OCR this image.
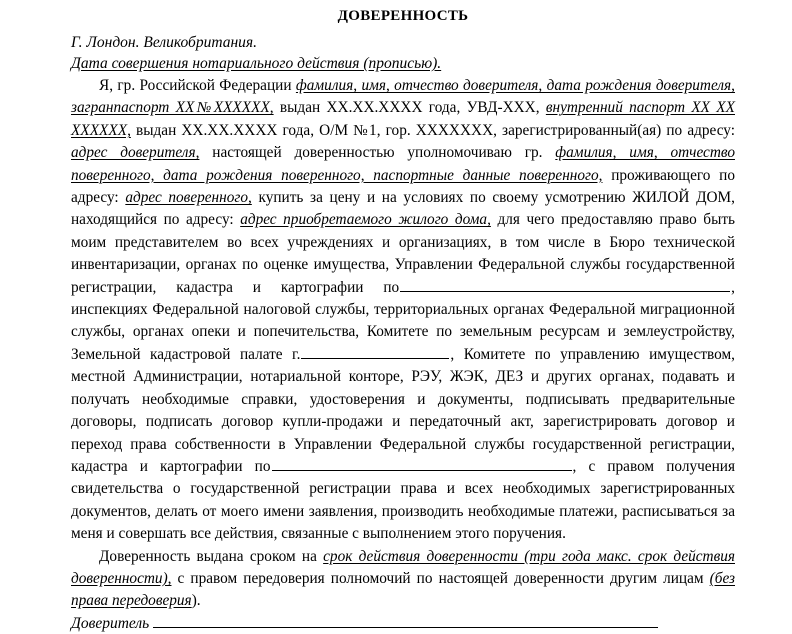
ДОВЕРЕННОСТЬ
Г. Лондон. Великобритания.
Дата совершения нотариального действия (прописью).

Я, гр. Российской Федерации фамилия, имя, отчество доверителя, дата рождения доверителя, загранпаспорт ХХ№ХХХХХХ, выдан ХХ.ХХ.ХХХХ года, УВД-ХХХ, внутренний паспорт ХХ ХХ ХХХХХХ, выдан ХХ.ХХ.ХХХХ года, О/М №1, гор. ХХХХХХХ, зарегистрированный(ая) по адресу: адрес доверителя, настоящей доверенностью уполномочиваю гр. фамилия, имя, отчество поверенного, дата рождения поверенного, паспортные данные поверенного, проживающего по адресу: адрес поверенного, купить за цену и на условиях по своему усмотрению ЖИЛОЙ ДОМ, находящийся по адресу: адрес приобретаемого жилого дома, для чего предоставляю право быть моим представителем во всех учреждениях и организациях, в том числе в Бюро технической инвентаризации, органах по оценке имущества, Управлении Федеральной службы государственной регистрации, кадастра и картографии по	, инспекциях Федеральной налоговой службы, территориальных органах Федеральной миграционной службы, органах опеки и попечительства, Комитете по земельным ресурсам и землеустройству, Земельной кадастровой палате г.	, Комитете по управлению имуществом, местной Администрации, нотариальной конторе, РЭУ, ЖЭК, ДЕЗ и других органах, подавать и получать необходимые справки, удостоверения и документы, подписывать предварительные договоры, подписать договор купли-продажи и передаточный акт, зарегистрировать договор и переход права собственности в Управлении Федеральной службы государственной регистрации, кадастра и картографии по	, с правом получения свидетельства о государственной регистрации права и всех необходимых зарегистрированных документов, делать от моего имени заявления, производить необходимые платежи, расписываться за меня и совершать все действия, связанные с выполнением этого поручения.

Доверенность выдана сроком на срок действия доверенности (три года макс. срок действия доверенности), с правом передоверия полномочий по настоящей доверенности другим лицам (без права передоверия).

Доверитель
